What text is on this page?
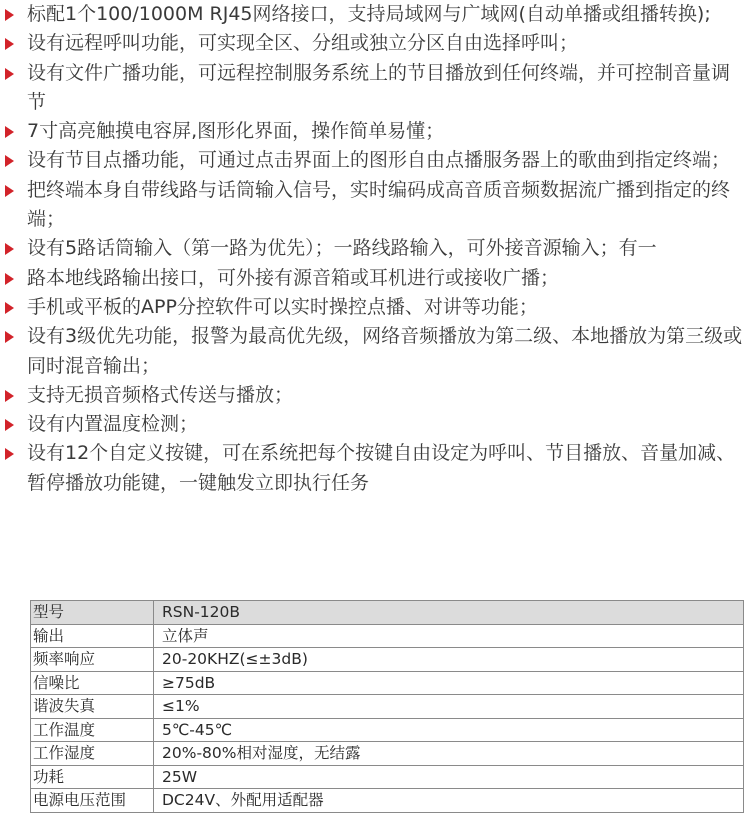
标配1个100/1000M RJ45网络接口，支持局域网与广域网(自动单播或组播转换);
设有远程呼叫功能，可实现全区、分组或独立分区自由选择呼叫；
设有文件广播功能，可远程控制服务系统上的节目播放到任何终端，并可控制音量调节
7寸高亮触摸电容屏,图形化界面，操作简单易懂；
设有节目点播功能，可通过点击界面上的图形自由点播服务器上的歌曲到指定终端；
把终端本身自带线路与话筒输入信号，实时编码成高音质音频数据流广播到指定的终端；
设有5路话筒输入（第一路为优先）；一路线路输入，可外接音源输入；有一
路本地线路输出接口，可外接有源音箱或耳机进行或接收广播；
手机或平板的APP分控软件可以实时操控点播、对讲等功能；
设有3级优先功能，报警为最高优先级，网络音频播放为第二级、本地播放为第三级或同时混音输出；
支持无损音频格式传送与播放；
设有内置温度检测；
设有12个自定义按键，可在系统把每个按键自由设定为呼叫、节目播放、音量加减、暂停播放功能键，一键触发立即执行任务
型号	RSN-120B
输出	立体声
频率响应	20-20KHZ(≤±3dB)
信噪比	≥75dB
谐波失真	≤1%
工作温度	5℃-45℃
工作湿度	20%-80%相对湿度，无结露
功耗	25W
电源电压范围	DC24V、外配用适配器
